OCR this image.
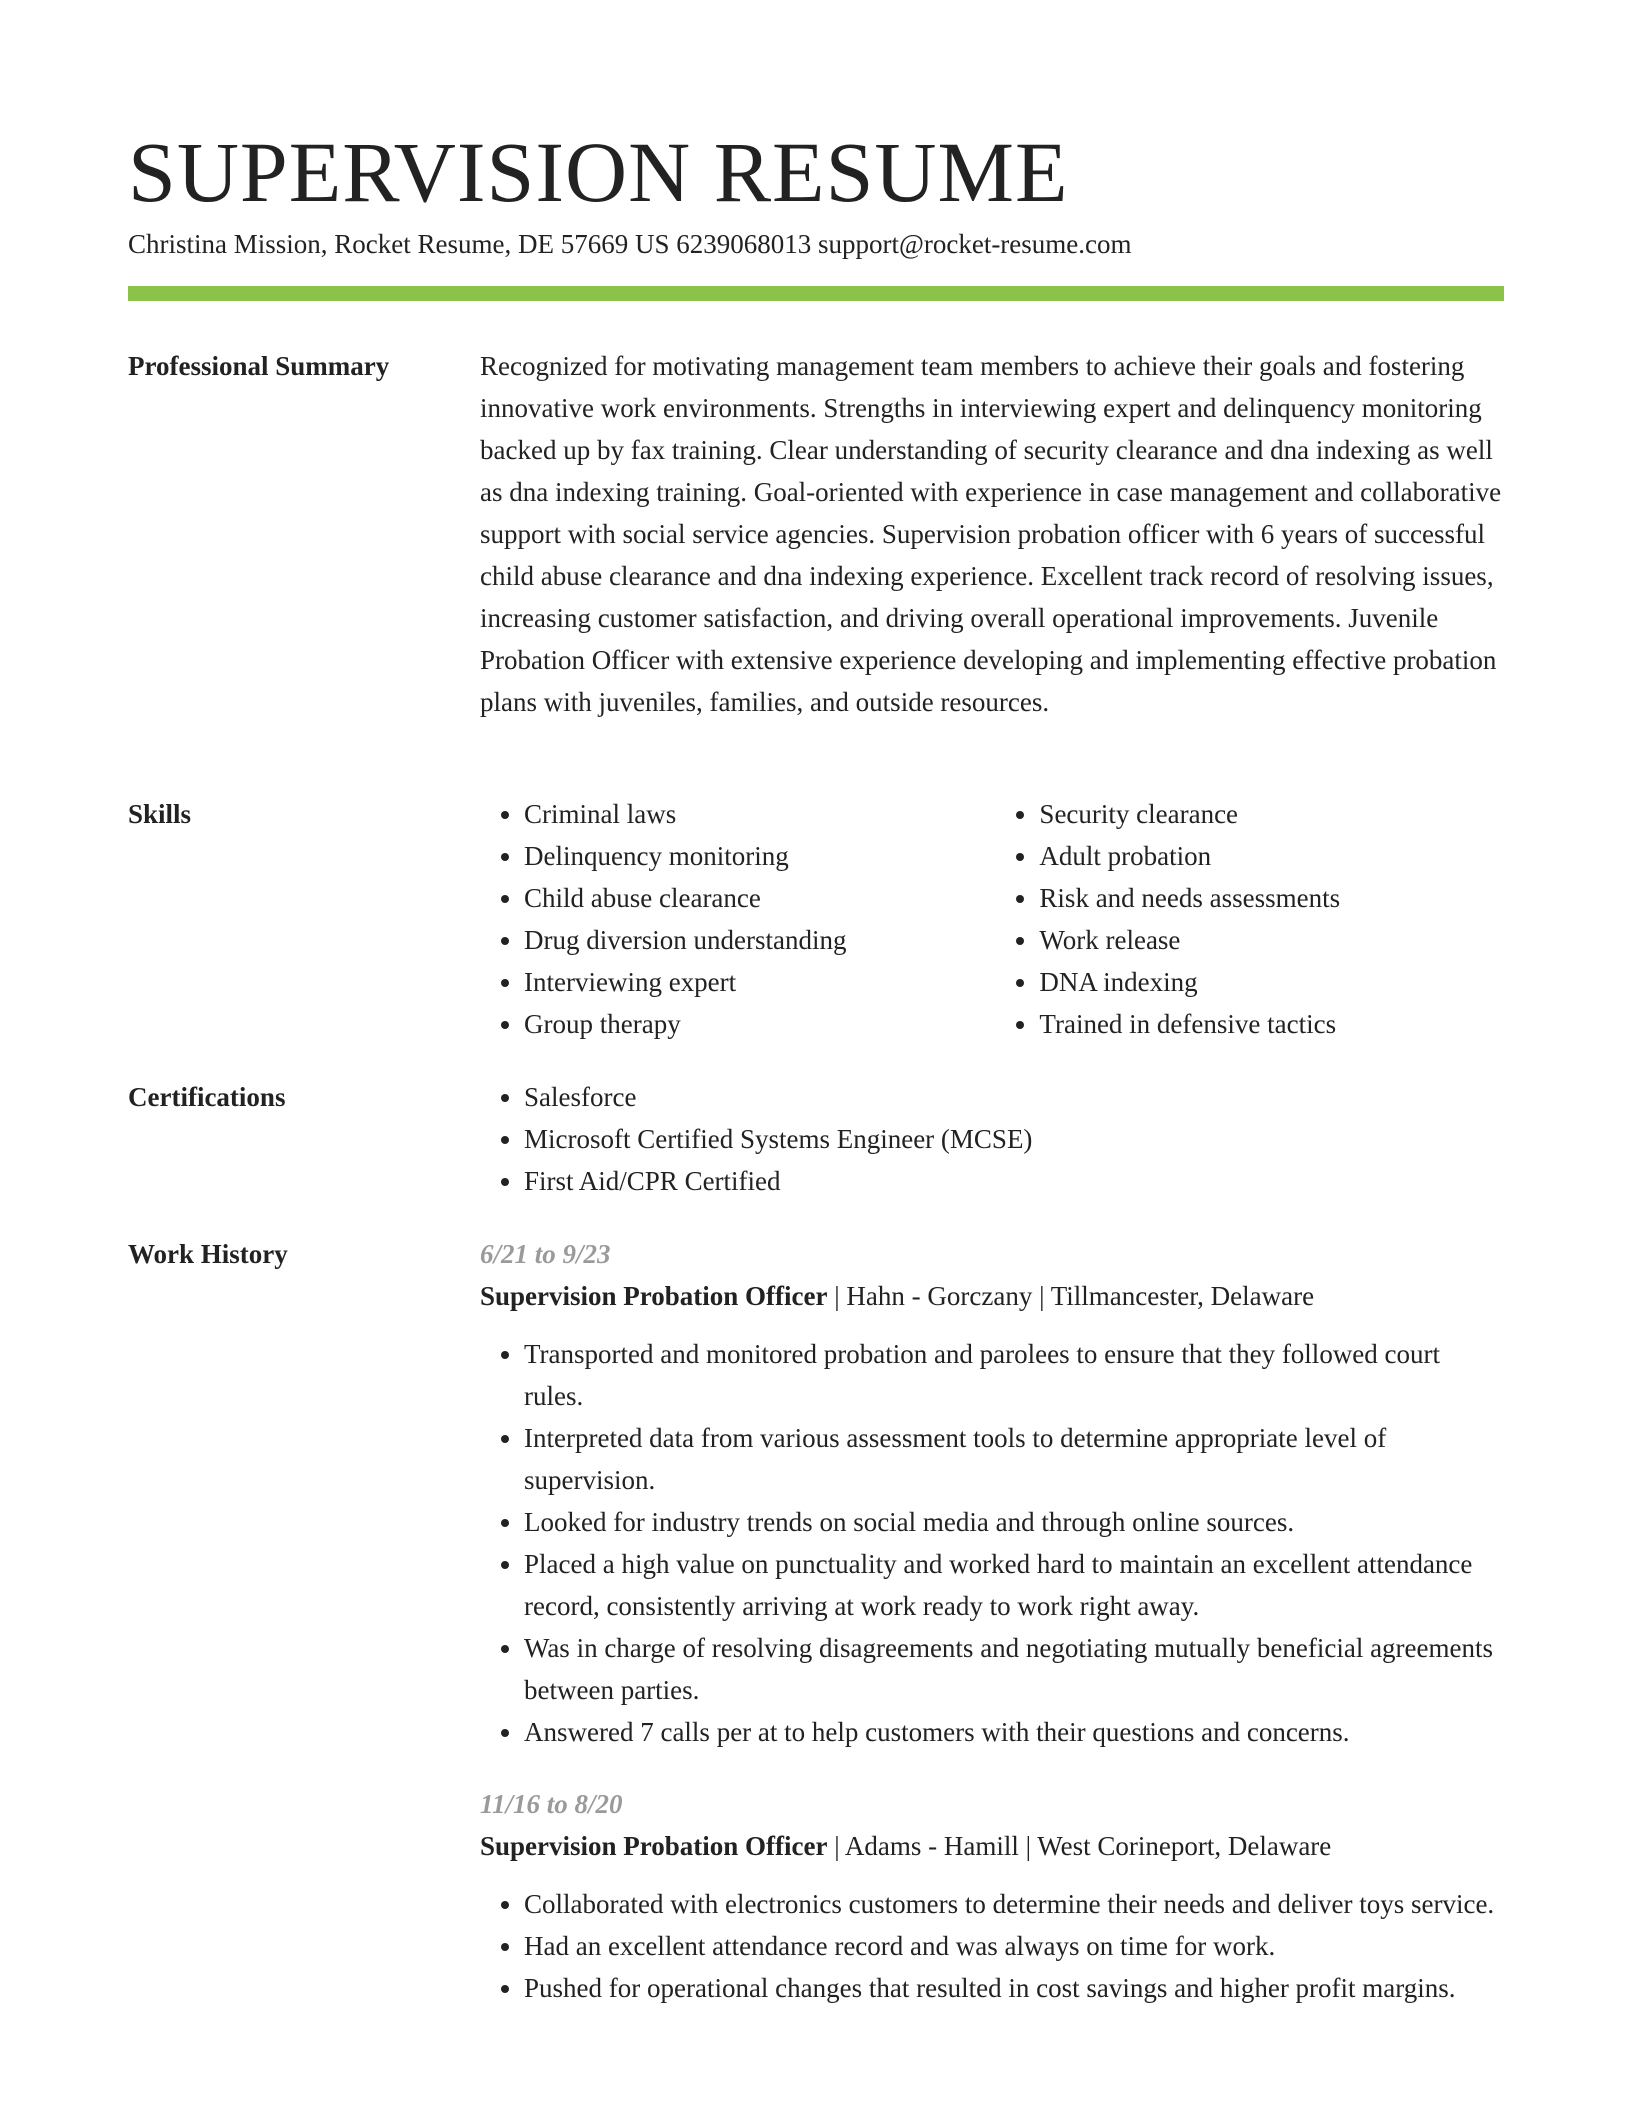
SUPERVISION RESUME
Christina Mission, Rocket Resume, DE 57669 US 6239068013 support@rocket-resume.com
Professional Summary	Recognized for motivating management team members to achieve their goals and fostering innovative work environments. Strengths in interviewing expert and delinquency monitoring backed up by fax training. Clear understanding of security clearance and dna indexing as well as dna indexing training. Goal-oriented with experience in case management and collaborative support with social service agencies. Supervision probation officer with 6 years of successful child abuse clearance and dna indexing experience. Excellent track record of resolving issues, increasing customer satisfaction, and driving overall operational improvements. Juvenile Probation Officer with extensive experience developing and implementing effective probation plans with juveniles, families, and outside resources.

Skills	• Criminal laws
• Delinquency monitoring
• Child abuse clearance
• Drug diversion understanding
• Interviewing expert
• Group therapy
• Security clearance
• Adult probation
• Risk and needs assessments
• Work release
• DNA indexing
• Trained in defensive tactics
Certifications	• Salesforce
• Microsoft Certified Systems Engineer (MCSE)
• First Aid/CPR Certified
Work History	6/21 to 9/23
Supervision Probation Officer | Hahn - Gorczany | Tillmancester, Delaware
• Transported and monitored probation and parolees to ensure that they followed court rules.
• Interpreted data from various assessment tools to determine appropriate level of supervision.
• Looked for industry trends on social media and through online sources.
• Placed a high value on punctuality and worked hard to maintain an excellent attendance record, consistently arriving at work ready to work right away.
• Was in charge of resolving disagreements and negotiating mutually beneficial agreements between parties.
• Answered 7 calls per at to help customers with their questions and concerns.
11/16 to 8/20
Supervision Probation Officer | Adams - Hamill | West Corineport, Delaware
• Collaborated with electronics customers to determine their needs and deliver toys service.
• Had an excellent attendance record and was always on time for work.
• Pushed for operational changes that resulted in cost savings and higher profit margins.
